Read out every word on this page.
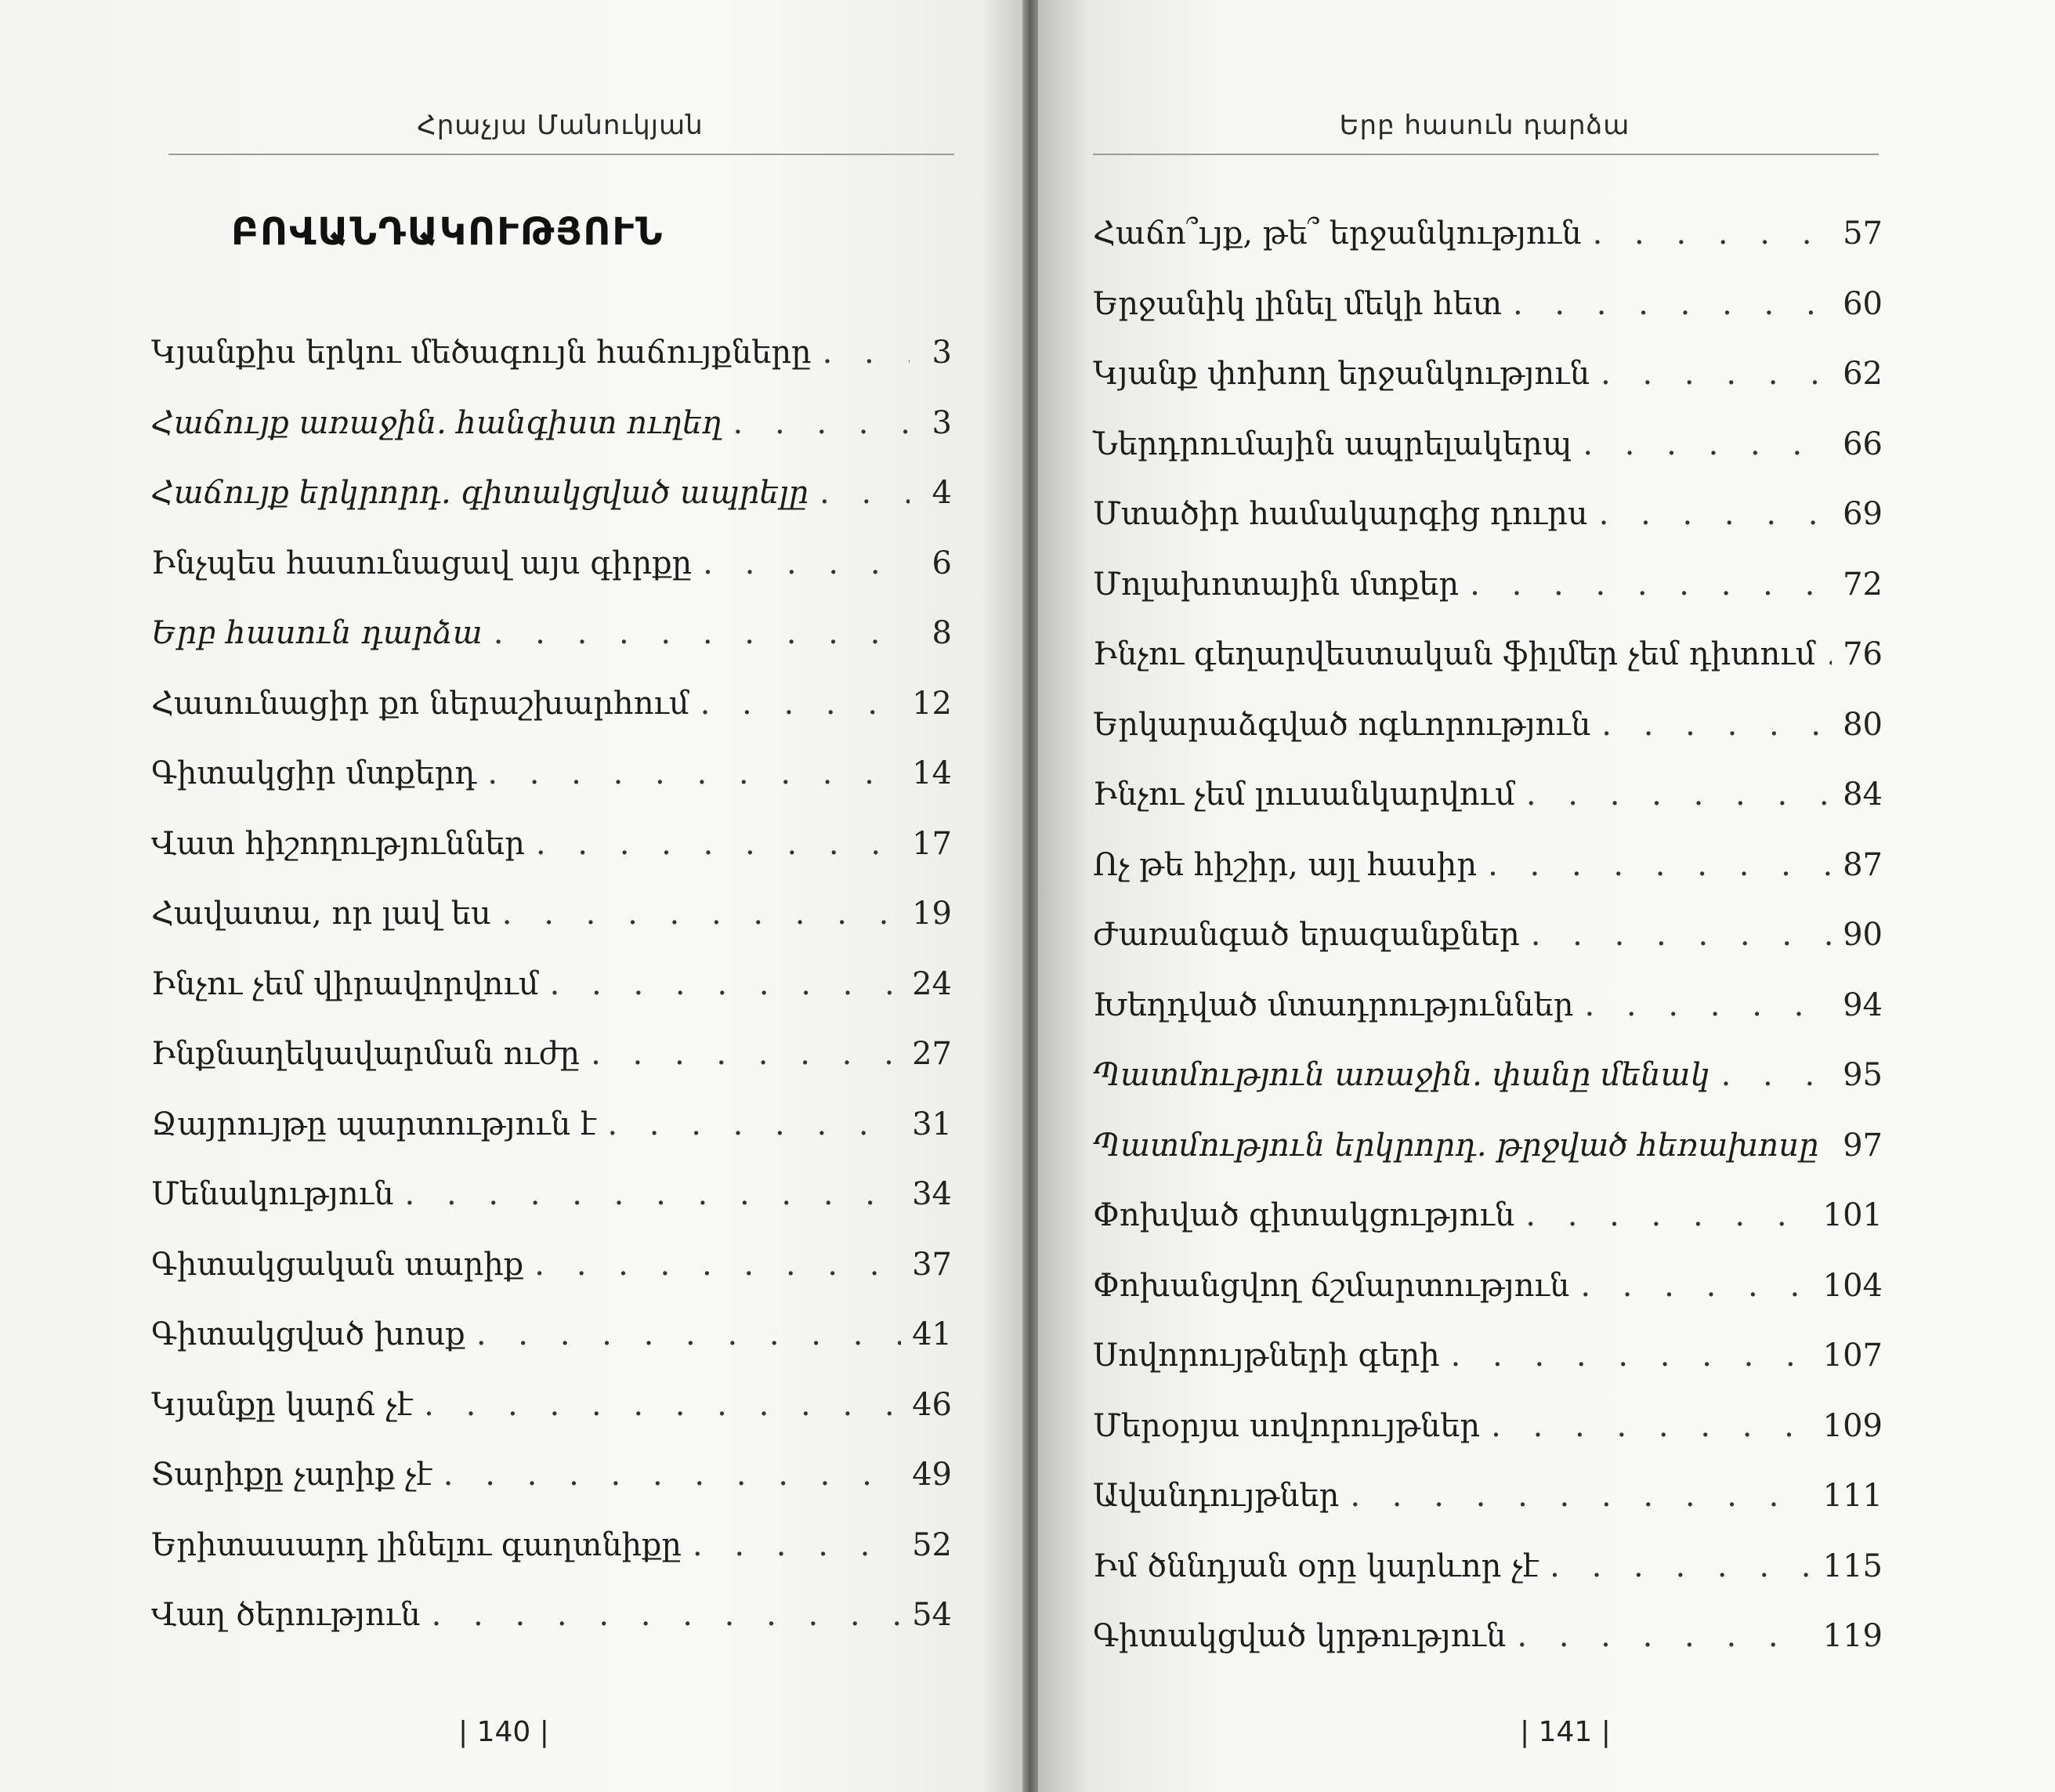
Հրաչյա Մանուկյան
ԲՈՎԱՆԴԱԿՈՒԹՅՈՒՆ
Կյանքիս երկու մեծագույն հաճույքները . . .	3
Հաճույք առաջին. հանգիստ ուղեղ . . .	3
Հաճույք երկրորդ. գիտակցված ապրելը . . .	4
Ինչպես հասունացավ այս գիրքը . . .	6
Երբ հասուն դարձա . . .	8
Հասունացիր քո ներաշխարհում . . .	12
Գիտակցիր մտքերդ . . .	14
Վատ հիշողություններ . . .	17
Հավատա, որ լավ ես . . .	19
Ինչու չեմ վիրավորվում . . .	24
Ինքնաղեկավարման ուժը . . .	27
Ջայրույթը պարտություն է . . .	31
Մենակություն . . .	34
Գիտակցական տարիք . . .	37
Գիտակցված խոսք . . .	41
Կյանքը կարճ չէ . . .	46
Տարիքը չարիք չէ . . .	49
Երիտասարդ լինելու գաղտնիքը . . .	52
Վաղ ծերություն . . .	54
| 140 |
Երբ հասուն դարձա
Հաճո՞ւյք, թե՞ երջանկություն . . .	57
Երջանիկ լինել մեկի հետ . . .	60
Կյանք փոխող երջանկություն . . .	62
Ներդրումային ապրելակերպ . . .	66
Մտածիր համակարգից դուրս . . .	69
Մոլախոտային մտքեր . . .	72
Ինչու գեղարվեստական ֆիլմեր չեմ դիտում . . . 76
Երկարաձգված ոգևորություն . . .	80
Ինչու չեմ լուսանկարվում . . .	84
Ոչ թե հիշիր, այլ հասիր . . .	87
Ժառանգած երազանքներ . . .	90
Խեղդված մտադրություններ . . .	94
Պատմություն առաջին. փանը մենակ . . .	95
Պատմություն երկրորդ. թրջված հեռախոսը . . . 97
Փոխված գիտակցություն . . .	101
Փոխանցվող ճշմարտություն . . .	104
Սովորույթների գերի . . .	107
Մերօրյա սովորույթներ . . .	109
Ավանդույթներ . . .	111
Իմ ծննդյան օրը կարևոր չէ . . .	115
Գիտակցված կրթություն . . .	119
| 141 |
